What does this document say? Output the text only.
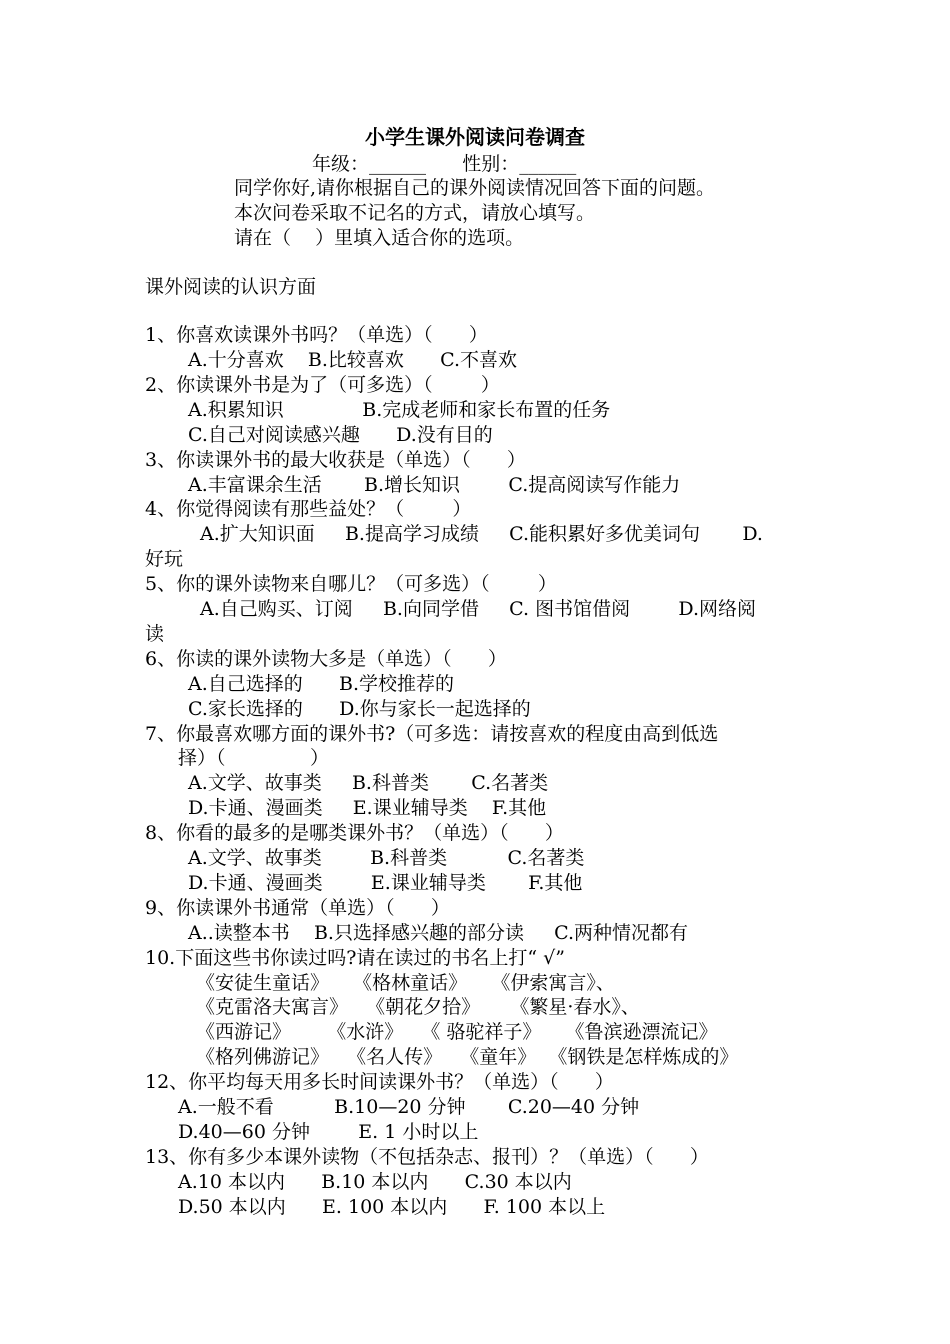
小学生课外阅读问卷调查
年级：______      性别：______
同学你好,请你根据自己的课外阅读情况回答下面的问题。
本次问卷采取不记名的方式，请放心填写。
请在（    ）里填入适合你的选项。
课外阅读的认识方面
1、你喜欢读课外书吗？（单选）（      ）
A.十分喜欢    B.比较喜欢      C.不喜欢
2、你读课外书是为了（可多选）（        ）
A.积累知识             B.完成老师和家长布置的任务
C.自己对阅读感兴趣      D.没有目的
3、你读课外书的最大收获是（单选）（      ）
A.丰富课余生活       B.增长知识        C.提高阅读写作能力
4、你觉得阅读有那些益处？（        ）
A.扩大知识面     B.提高学习成绩     C.能积累好多优美词句       D.
好玩
5、你的课外读物来自哪儿？（可多选）（        ）
A.自己购买、订阅     B.向同学借     C. 图书馆借阅        D.网络阅
读
6、你读的课外读物大多是（单选）（      ）
A.自己选择的      B.学校推荐的
C.家长选择的      D.你与家长一起选择的
7、你最喜欢哪方面的课外书?（可多选：请按喜欢的程度由高到低选
择）（              ）
A.文学、故事类     B.科普类       C.名著类
D.卡通、漫画类     E.课业辅导类    F.其他
8、你看的最多的是哪类课外书？（单选）（      ）
A.文学、故事类        B.科普类          C.名著类
D.卡通、漫画类        E.课业辅导类       F.其他
9、你读课外书通常（单选）（      ）
A..读整本书    B.只选择感兴趣的部分读     C.两种情况都有
10.下面这些书你读过吗?请在读过的书名上打“ √”
《安徒生童话》    《格林童话》    《伊索寓言》、
《克雷洛夫寓言》   《朝花夕拾》     《繁星·春水》、
《西游记》      《水浒》   《 骆驼祥子》    《鲁滨逊漂流记》
《格列佛游记》   《名人传》   《童年》  《钢铁是怎样炼成的》
12、你平均每天用多长时间读课外书？（单选）（      ）
A.一般不看          B.10—20 分钟       C.20—40 分钟
D.40—60 分钟        E. 1 小时以上
13、你有多少本课外读物（不包括杂志、报刊）？（单选）（      ）
A.10 本以内      B.10 本以内      C.30 本以内
D.50 本以内      E. 100 本以内      F. 100 本以上
